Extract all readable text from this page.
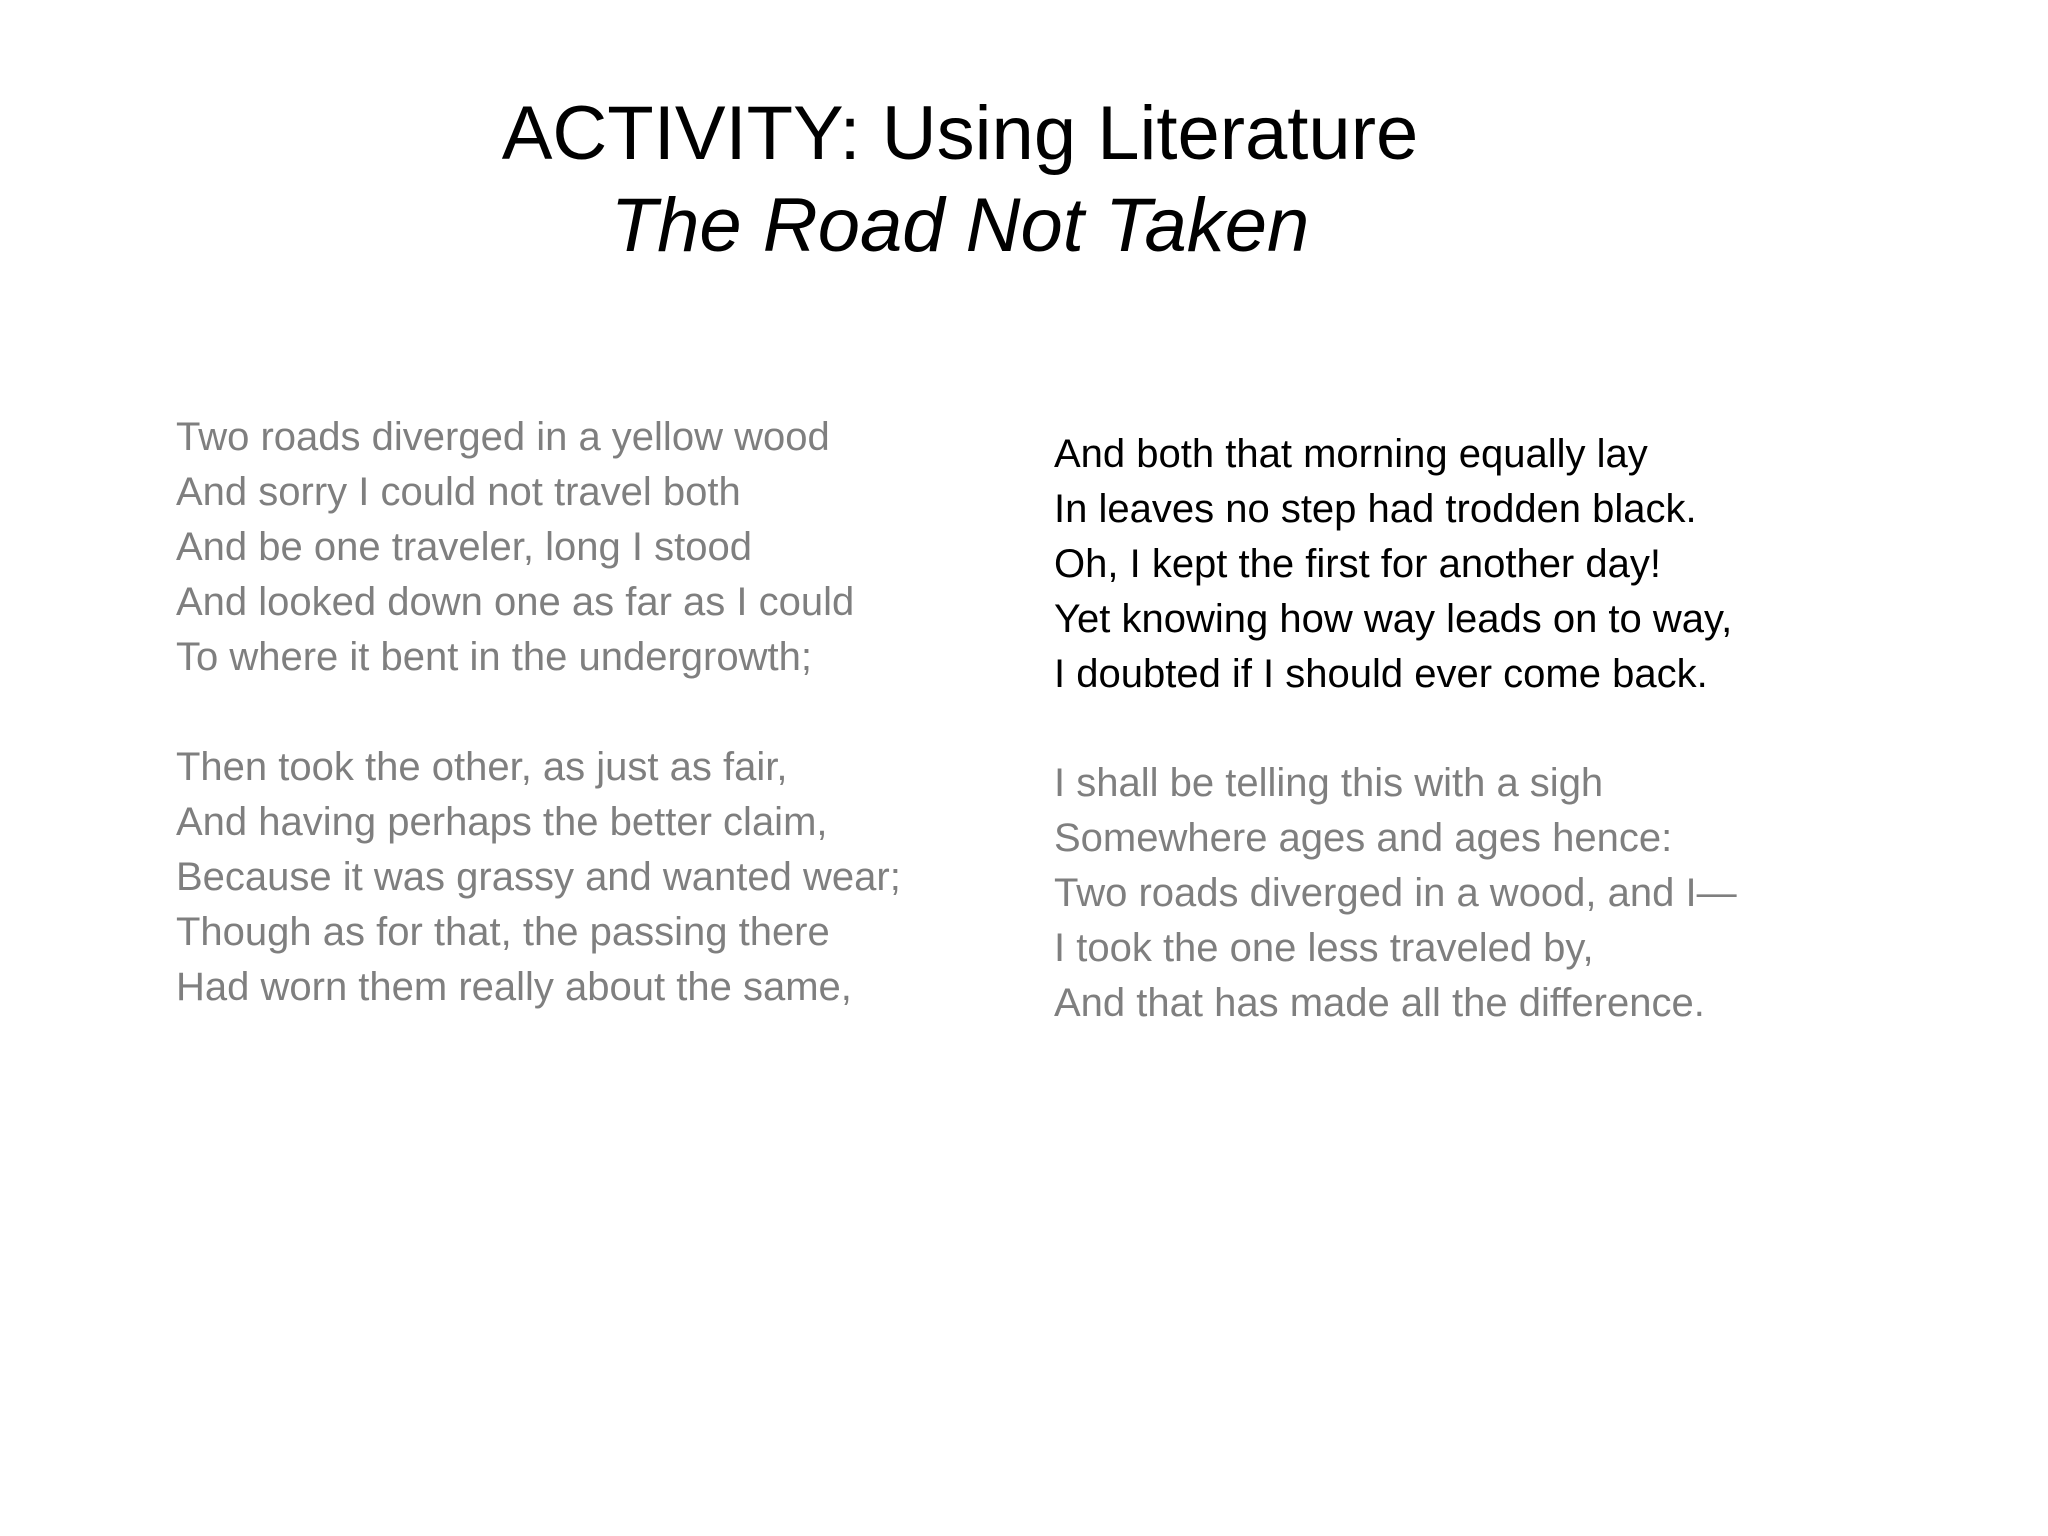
ACTIVITY: Using Literature
The Road Not Taken
Two roads diverged in a yellow wood
And sorry I could not travel both
And be one traveler, long I stood
And looked down one as far as I could
To where it bent in the undergrowth;
Then took the other, as just as fair,
And having perhaps the better claim,
Because it was grassy and wanted wear;
Though as for that, the passing there
Had worn them really about the same,
And both that morning equally lay
In leaves no step had trodden black.
Oh, I kept the first for another day!
Yet knowing how way leads on to way,
I doubted if I should ever come back.
I shall be telling this with a sigh
Somewhere ages and ages hence:
Two roads diverged in a wood, and I—
I took the one less traveled by,
And that has made all the difference.
